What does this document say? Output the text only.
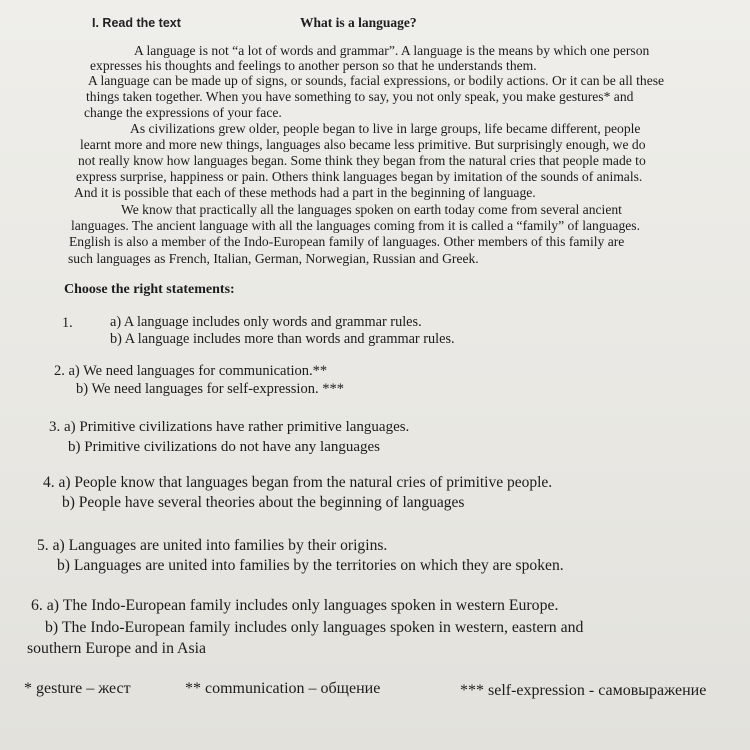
I. Read the text	What is a language?
A language is not “a lot of words and grammar”. A language is the means by which one person
expresses his thoughts and feelings to another person so that he understands them.
A language can be made up of signs, or sounds, facial expressions, or bodily actions. Or it can be all these
things taken together. When you have something to say, you not only speak, you make gestures* and
change the expressions of your face.
As civilizations grew older, people began to live in large groups, life became different, people
learnt more and more new things, languages also became less primitive. But surprisingly enough, we do
not really know how languages began. Some think they began from the natural cries that people made to
express surprise, happiness or pain. Others think languages began by imitation of the sounds of animals.
And it is possible that each of these methods had a part in the beginning of language.
We know that practically all the languages spoken on earth today come from several ancient
languages. The ancient language with all the languages coming from it is called a “family” of languages.
English is also a member of the Indo-European family of languages. Other members of this family are
such languages as French, Italian, German, Norwegian, Russian and Greek.
Choose the right statements:
1.	a) A language includes only words and grammar rules.
b) A language includes more than words and grammar rules.
2. a) We need languages for communication.**
b) We need languages for self-expression. ***
3. a) Primitive civilizations have rather primitive languages.
b) Primitive civilizations do not have any languages
4. a) People know that languages began from the natural cries of primitive people.
b) People have several theories about the beginning of languages
5. a) Languages are united into families by their origins.
b) Languages are united into families by the territories on which they are spoken.
6. a) The Indo-European family includes only languages spoken in western Europe.
b) The Indo-European family includes only languages spoken in western, eastern and
southern Europe and in Asia
* gesture – жест	** communication – общение	*** self-expression - самовыражение
